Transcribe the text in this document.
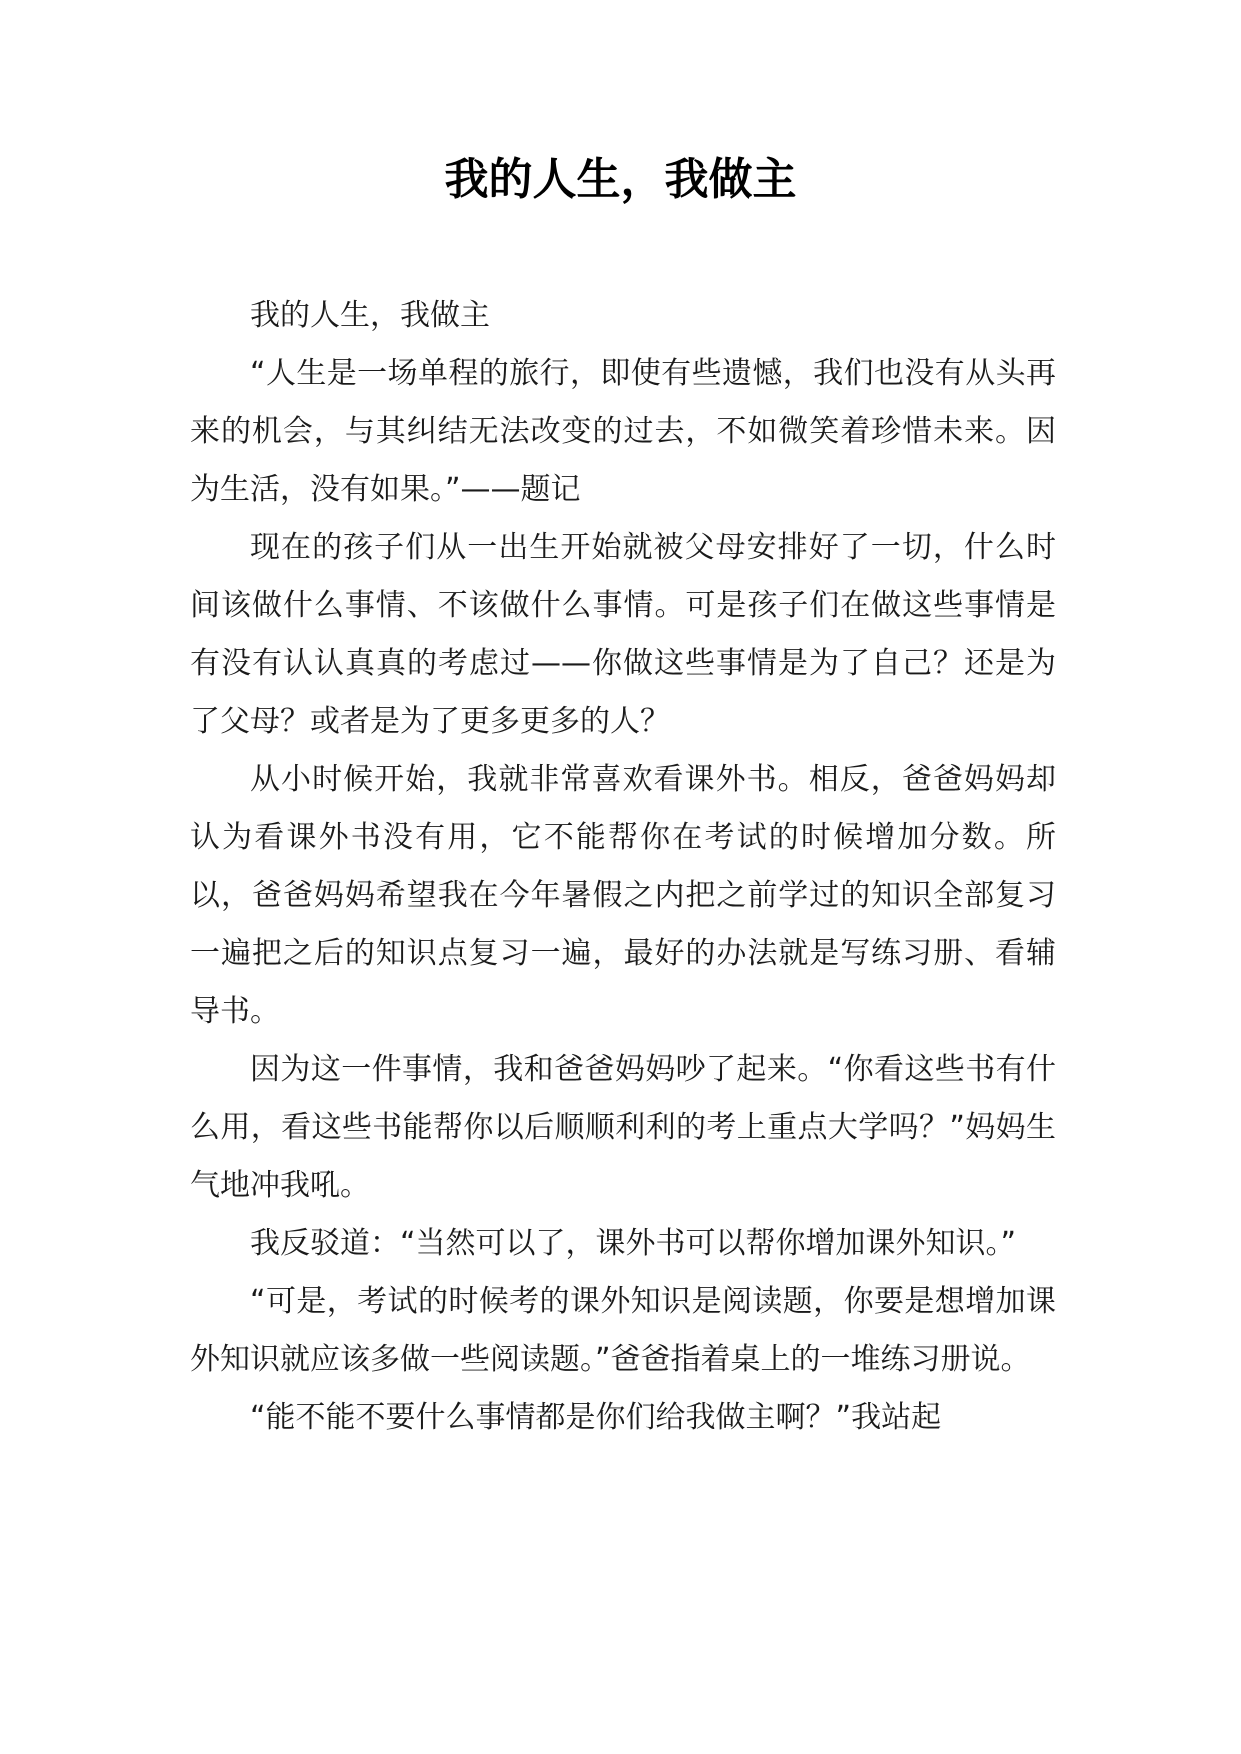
我的人生，我做主

我的人生，我做主

“人生是一场单程的旅行，即使有些遗憾，我们也没有从头再来的机会，与其纠结无法改变的过去，不如微笑着珍惜未来。因为生活，没有如果。”——题记

现在的孩子们从一出生开始就被父母安排好了一切，什么时间该做什么事情、不该做什么事情。可是孩子们在做这些事情是有没有认认真真的考虑过——你做这些事情是为了自己？还是为了父母？或者是为了更多更多的人？

从小时候开始，我就非常喜欢看课外书。相反，爸爸妈妈却认为看课外书没有用，它不能帮你在考试的时候增加分数。所以，爸爸妈妈希望我在今年暑假之内把之前学过的知识全部复习一遍把之后的知识点复习一遍，最好的办法就是写练习册、看辅导书。

因为这一件事情，我和爸爸妈妈吵了起来。“你看这些书有什么用，看这些书能帮你以后顺顺利利的考上重点大学吗？”妈妈生气地冲我吼。

我反驳道：“当然可以了，课外书可以帮你增加课外知识。”

“可是，考试的时候考的课外知识是阅读题，你要是想增加课外知识就应该多做一些阅读题。”爸爸指着桌上的一堆练习册说。

“能不能不要什么事情都是你们给我做主啊？”我站起
